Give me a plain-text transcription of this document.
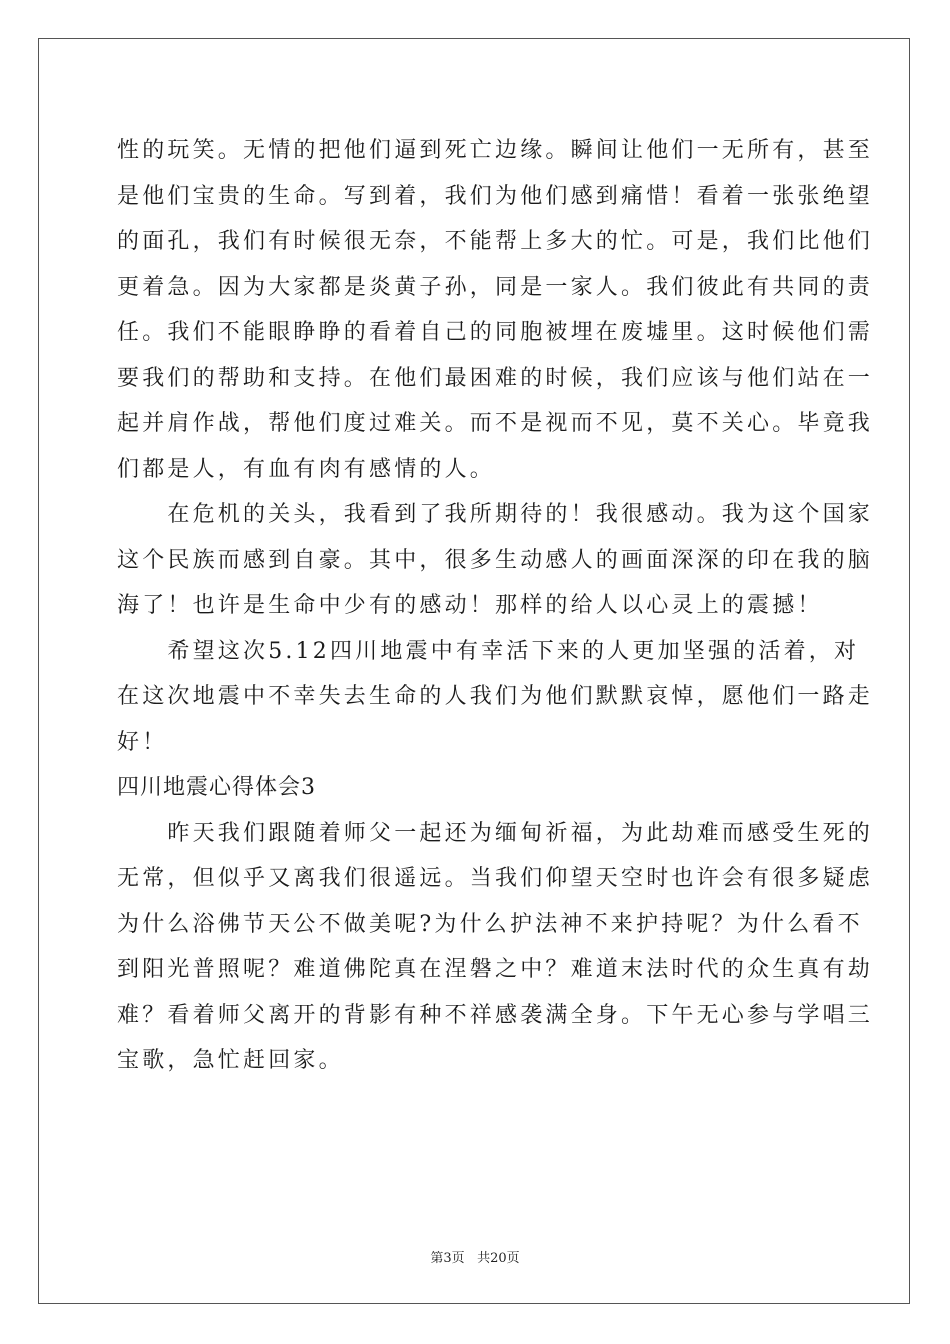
性的玩笑。无情的把他们逼到死亡边缘。瞬间让他们一无所有，甚至
是他们宝贵的生命。写到着，我们为他们感到痛惜！看着一张张绝望
的面孔，我们有时候很无奈，不能帮上多大的忙。可是，我们比他们
更着急。因为大家都是炎黄子孙，同是一家人。我们彼此有共同的责
任。我们不能眼睁睁的看着自己的同胞被埋在废墟里。这时候他们需
要我们的帮助和支持。在他们最困难的时候，我们应该与他们站在一
起并肩作战，帮他们度过难关。而不是视而不见，莫不关心。毕竟我
们都是人，有血有肉有感情的人。
　　在危机的关头，我看到了我所期待的！我很感动。我为这个国家
这个民族而感到自豪。其中，很多生动感人的画面深深的印在我的脑
海了！也许是生命中少有的感动！那样的给人以心灵上的震撼！
　　希望这次5.12四川地震中有幸活下来的人更加坚强的活着，对
在这次地震中不幸失去生命的人我们为他们默默哀悼，愿他们一路走
好！
四川地震心得体会3
　　昨天我们跟随着师父一起还为缅甸祈福，为此劫难而感受生死的
无常，但似乎又离我们很遥远。当我们仰望天空时也许会有很多疑虑
为什么浴佛节天公不做美呢?为什么护法神不来护持呢？为什么看不
到阳光普照呢？难道佛陀真在涅磐之中？难道末法时代的众生真有劫
难？看着师父离开的背影有种不祥感袭满全身。下午无心参与学唱三
宝歌，急忙赶回家。
第3页 共20页
